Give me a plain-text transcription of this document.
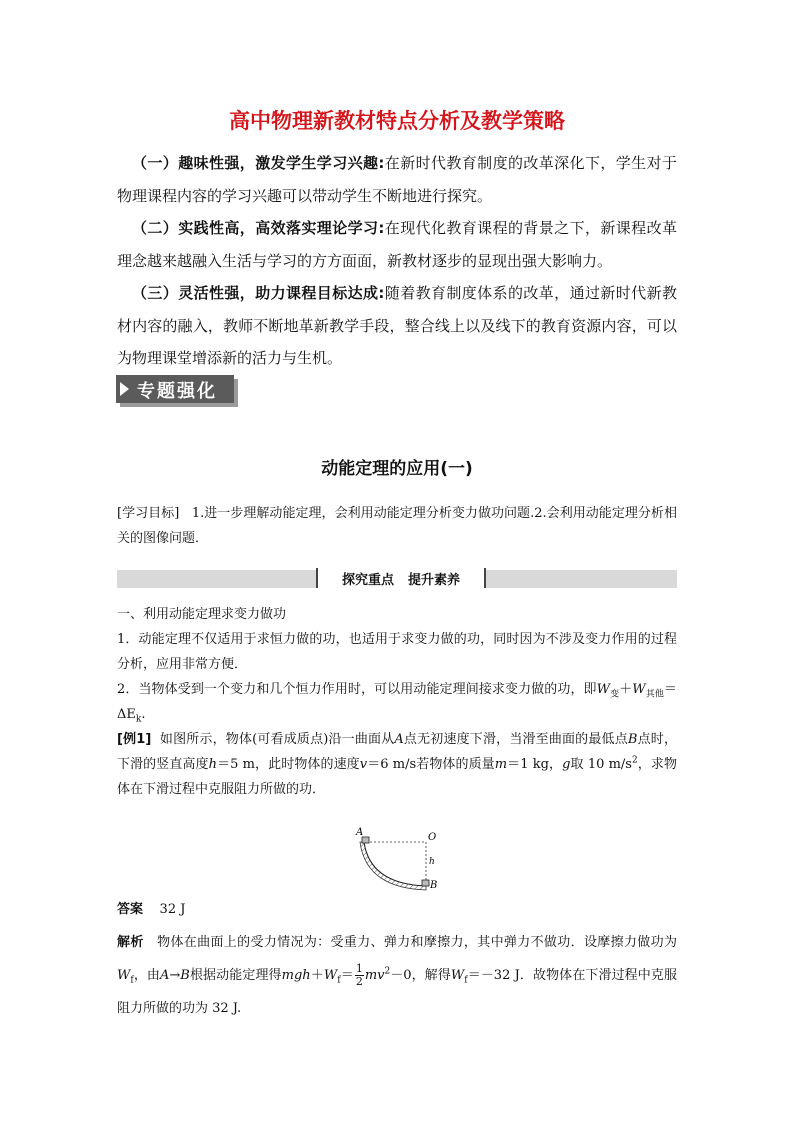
高中物理新教材特点分析及教学策略

（一）趣味性强，激发学生学习兴趣:在新时代教育制度的改革深化下，学生对于物理课程内容的学习兴趣可以带动学生不断地进行探究。

（二）实践性高，高效落实理论学习:在现代化教育课程的背景之下，新课程改革理念越来越融入生活与学习的方方面面，新教材逐步的显现出强大影响力。

（三）灵活性强，助力课程目标达成:随着教育制度体系的改革，通过新时代新教材内容的融入，教师不断地革新教学手段，整合线上以及线下的教育资源内容，可以为物理课堂增添新的活力与生机。

专题强化
动能定理的应用(一)
[学习目标] 1.进一步理解动能定理，会利用动能定理分析变力做功问题.2.会利用动能定理分析相关的图像问题．
探究重点 提升素养

一、利用动能定理求变力做功

1．动能定理不仅适用于求恒力做的功，也适用于求变力做的功，同时因为不涉及变力作用的过程分析，应用非常方便．

2．当物体受到一个变力和几个恒力作用时，可以用动能定理间接求变力做的功，即$W_变+W_{其他}=\Delta E_k$.

[例1] 如图所示，物体(可看成质点)沿一曲面从A点无初速度下滑，当滑至曲面的最低点B点时，下滑的竖直高度h＝5 m，此时物体的速度v＝6 m/s若物体的质量m＝1 kg，g取 10 $m/s^2$，求物体在下滑过程中克服阻力所做的功．

A	O
h
B
答案 32 J
解析 物体在曲面上的受力情况为：受重力、弹力和摩擦力，其中弹力不做功．设摩擦力做功为$W_f$，由A→B根据动能定理得$mgh+W_f= \frac{1}{2} mv^2-0$，解得$W_f=-32$ J．故物体在下滑过程中克服阻力所做的功为 32 J.
